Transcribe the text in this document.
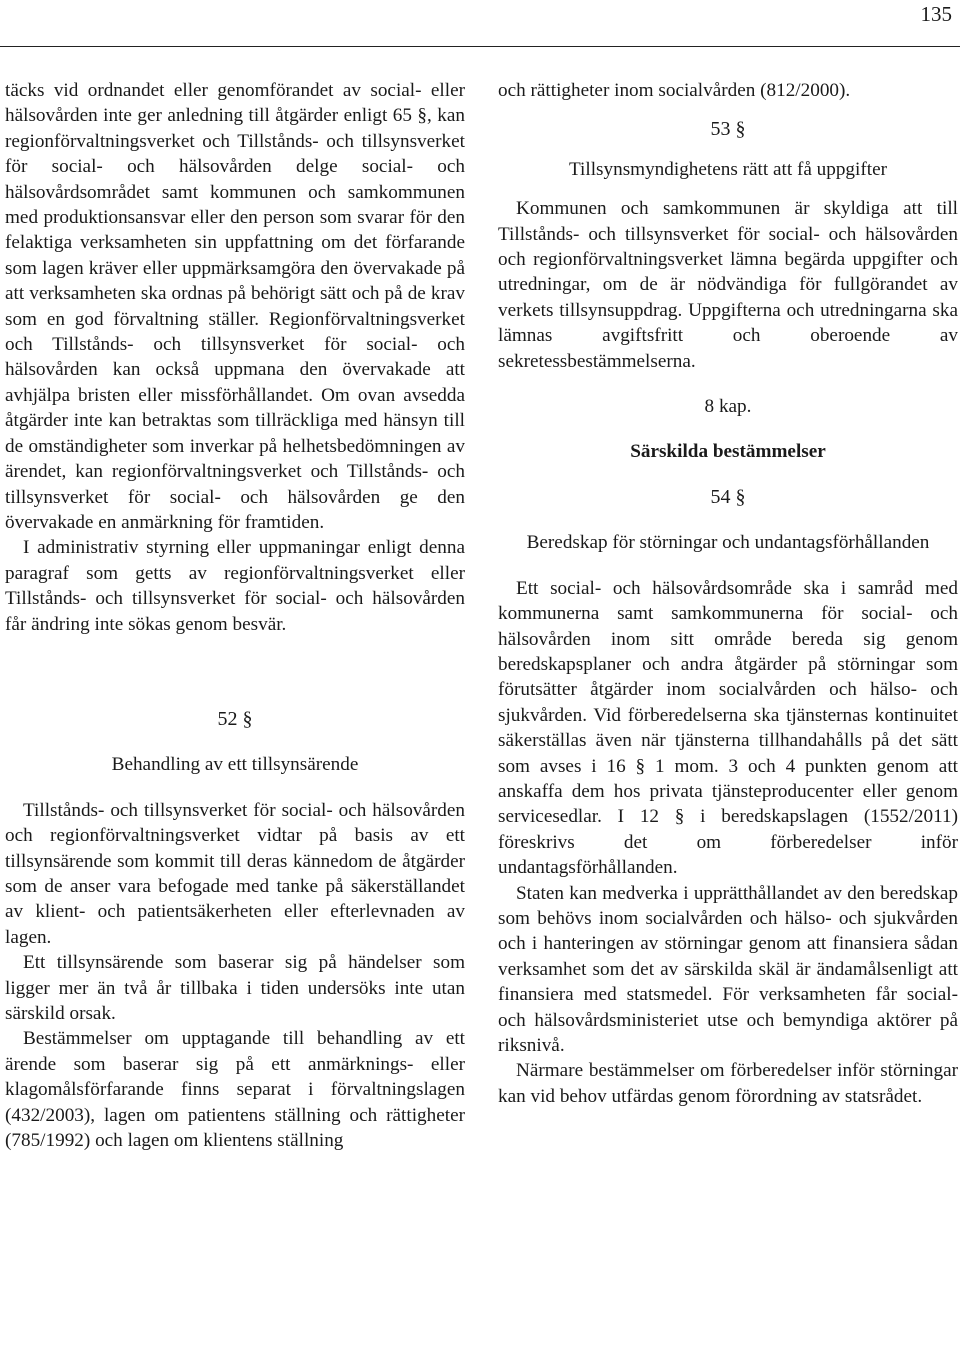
135

täcks vid ordnandet eller genomförandet av social- eller hälsovården inte ger anledning till åtgärder enligt 65 §, kan regionförvaltningsverket och Tillstånds- och tillsynsverket för social- och hälsovården delge social- och hälsovårdsområdet samt kommunen och samkommunen med produktionsansvar eller den person som svarar för den felaktiga verksamheten sin uppfattning om det förfarande som lagen kräver eller uppmärksamgöra den övervakade på att verksamheten ska ordnas på behörigt sätt och på de krav som en god förvaltning ställer. Regionförvaltningsverket och Tillstånds- och tillsynsverket för social- och hälsovården kan också uppmana den övervakade att avhjälpa bristen eller missförhållandet. Om ovan avsedda åtgärder inte kan betraktas som tillräckliga med hänsyn till de omständigheter som inverkar på helhetsbedömningen av ärendet, kan regionförvaltningsverket och Tillstånds- och tillsynsverket för social- och hälsovården ge den övervakade en anmärkning för framtiden.

I administrativ styrning eller uppmaningar enligt denna paragraf som getts av regionförvaltningsverket eller Tillstånds- och tillsynsverket för social- och hälsovården får ändring inte sökas genom besvär.

52 §

Behandling av ett tillsynsärende

Tillstånds- och tillsynsverket för social- och hälsovården och regionförvaltningsverket vidtar på basis av ett tillsynsärende som kommit till deras kännedom de åtgärder som de anser vara befogade med tanke på säkerställandet av klient- och patientsäkerheten eller efterlevnaden av lagen.

Ett tillsynsärende som baserar sig på händelser som ligger mer än två år tillbaka i tiden undersöks inte utan särskild orsak.

Bestämmelser om upptagande till behandling av ett ärende som baserar sig på ett anmärknings- eller klagomålsförfarande finns separat i förvaltningslagen (432/2003), lagen om patientens ställning och rättigheter (785/1992) och lagen om klientens ställning

och rättigheter inom socialvården (812/2000).

53 §

Tillsynsmyndighetens rätt att få uppgifter

Kommunen och samkommunen är skyldiga att till Tillstånds- och tillsynsverket för social- och hälsovården och regionförvaltningsverket lämna begärda uppgifter och utredningar, om de är nödvändiga för fullgörandet av verkets tillsynsuppdrag. Uppgifterna och utredningarna ska lämnas avgiftsfritt och oberoende av sekretessbestämmelserna.

8 kap.

Särskilda bestämmelser

54 §

Beredskap för störningar och undantagsförhållanden

Ett social- och hälsovårdsområde ska i samråd med kommunerna samt samkommunerna för social- och hälsovården inom sitt område bereda sig genom beredskapsplaner och andra åtgärder på störningar som förutsätter åtgärder inom socialvården och hälso- och sjukvården. Vid förberedelserna ska tjänsternas kontinuitet säkerställas även när tjänsterna tillhandahålls på det sätt som avses i 16 § 1 mom. 3 och 4 punkten genom att anskaffa dem hos privata tjänsteproducenter eller genom servicesedlar. I 12 § i beredskapslagen (1552/2011) föreskrivs det om förberedelser inför undantagsförhållanden.

Staten kan medverka i upprätthållandet av den beredskap som behövs inom socialvården och hälso- och sjukvården och i hanteringen av störningar genom att finansiera sådan verksamhet som det av särskilda skäl är ändamålsenligt att finansiera med statsmedel. För verksamheten får social- och hälsovårdsministeriet utse och bemyndiga aktörer på riksnivå.

Närmare bestämmelser om förberedelser inför störningar kan vid behov utfärdas genom förordning av statsrådet.
